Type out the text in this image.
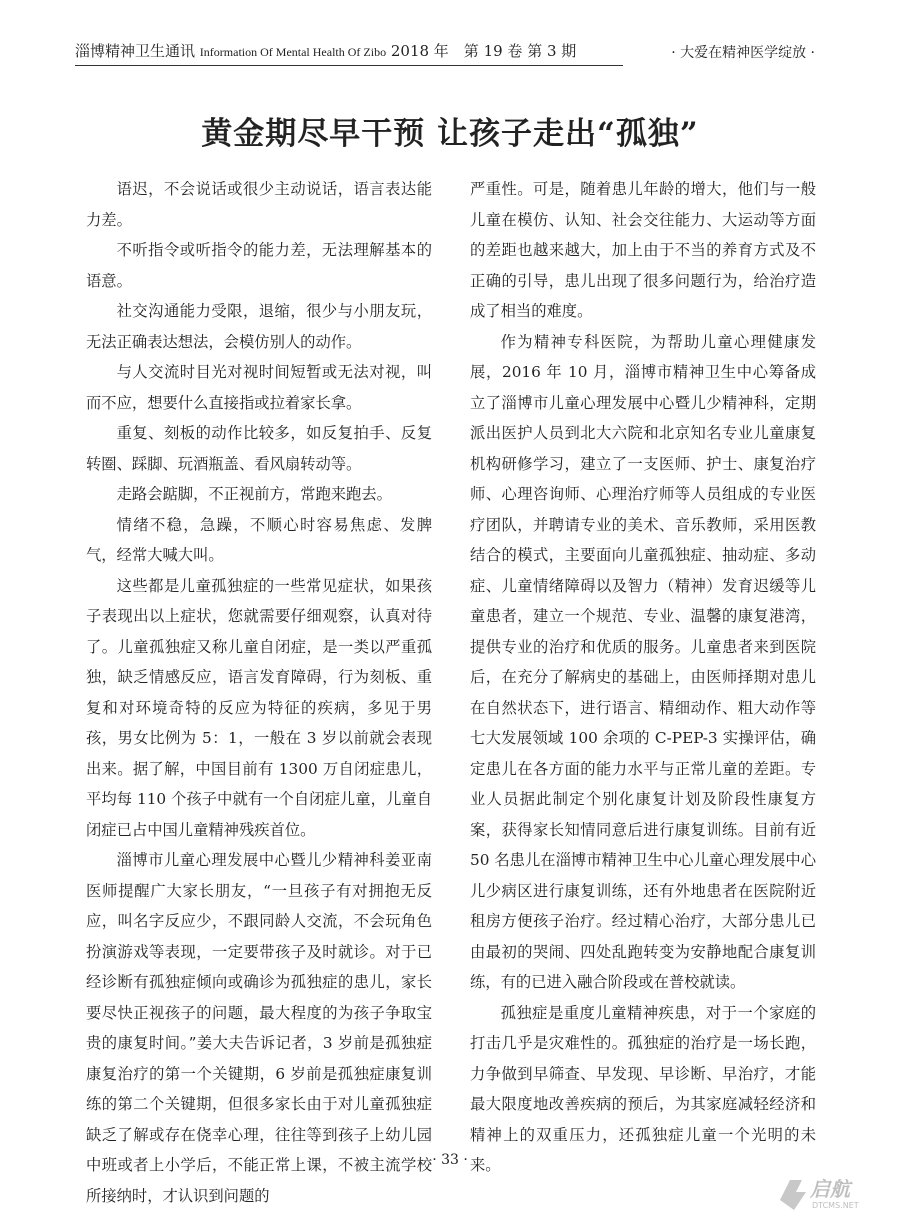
淄博精神卫生通讯 Information Of Mental Health Of Zibo 2018 年　第 19 卷 第 3 期	· 大爱在精神医学绽放 ·
黄金期尽早干预 让孩子走出“孤独”

语迟，不会说话或很少主动说话，语言表达能力差。

不听指令或听指令的能力差，无法理解基本的语意。

社交沟通能力受限，退缩，很少与小朋友玩，无法正确表达想法，会模仿别人的动作。

与人交流时目光对视时间短暂或无法对视，叫而不应，想要什么直接指或拉着家长拿。

重复、刻板的动作比较多，如反复拍手、反复转圈、踩脚、玩酒瓶盖、看风扇转动等。

走路会踮脚，不正视前方，常跑来跑去。

情绪不稳，急躁，不顺心时容易焦虑、发脾气，经常大喊大叫。

这些都是儿童孤独症的一些常见症状，如果孩子表现出以上症状，您就需要仔细观察，认真对待了。儿童孤独症又称儿童自闭症，是一类以严重孤独，缺乏情感反应，语言发育障碍，行为刻板、重复和对环境奇特的反应为特征的疾病，多见于男孩，男女比例为 5：1，一般在 3 岁以前就会表现出来。据了解，中国目前有 1300 万自闭症患儿，平均每 110 个孩子中就有一个自闭症儿童，儿童自闭症已占中国儿童精神残疾首位。

淄博市儿童心理发展中心暨儿少精神科姜亚南医师提醒广大家长朋友，“一旦孩子有对拥抱无反应，叫名字反应少，不跟同龄人交流，不会玩角色扮演游戏等表现，一定要带孩子及时就诊。对于已经诊断有孤独症倾向或确诊为孤独症的患儿，家长要尽快正视孩子的问题，最大程度的为孩子争取宝贵的康复时间。”姜大夫告诉记者，3 岁前是孤独症康复治疗的第一个关键期，6 岁前是孤独症康复训练的第二个关键期，但很多家长由于对儿童孤独症缺乏了解或存在侥幸心理，往往等到孩子上幼儿园中班或者上小学后，不能正常上课，不被主流学校所接纳时，才认识到问题的

严重性。可是，随着患儿年龄的增大，他们与一般儿童在模仿、认知、社会交往能力、大运动等方面的差距也越来越大，加上由于不当的养育方式及不正确的引导，患儿出现了很多问题行为，给治疗造成了相当的难度。

作为精神专科医院，为帮助儿童心理健康发展，2016 年 10 月，淄博市精神卫生中心筹备成立了淄博市儿童心理发展中心暨儿少精神科，定期派出医护人员到北大六院和北京知名专业儿童康复机构研修学习，建立了一支医师、护士、康复治疗师、心理咨询师、心理治疗师等人员组成的专业医疗团队，并聘请专业的美术、音乐教师，采用医教结合的模式，主要面向儿童孤独症、抽动症、多动症、儿童情绪障碍以及智力（精神）发育迟缓等儿童患者，建立一个规范、专业、温馨的康复港湾，提供专业的治疗和优质的服务。儿童患者来到医院后，在充分了解病史的基础上，由医师择期对患儿在自然状态下，进行语言、精细动作、粗大动作等七大发展领域 100 余项的 C-PEP-3 实操评估，确定患儿在各方面的能力水平与正常儿童的差距。专业人员据此制定个别化康复计划及阶段性康复方案，获得家长知情同意后进行康复训练。目前有近 50 名患儿在淄博市精神卫生中心儿童心理发展中心儿少病区进行康复训练，还有外地患者在医院附近租房方便孩子治疗。经过精心治疗，大部分患儿已由最初的哭闹、四处乱跑转变为安静地配合康复训练，有的已进入融合阶段或在普校就读。

孤独症是重度儿童精神疾患，对于一个家庭的打击几乎是灾难性的。孤独症的治疗是一场长跑，力争做到早筛查、早发现、早诊断、早治疗，才能最大限度地改善疾病的预后，为其家庭减轻经济和精神上的双重压力，还孤独症儿童一个光明的未来。

· 33 ·
启航
DTCMS.NET
